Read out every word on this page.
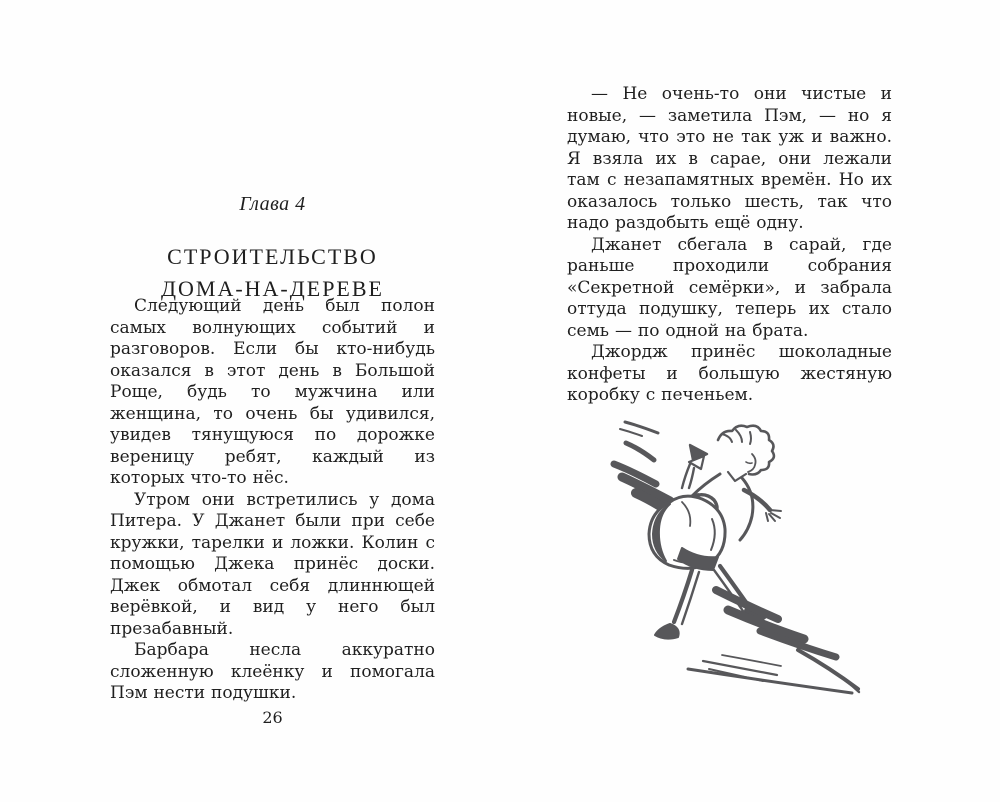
Глава 4
СТРОИТЕЛЬСТВО
ДОМА-НА-ДЕРЕВЕ

Следующий день был полон самых волнующих событий и разговоров. Если бы кто-нибудь оказался в этот день в Большой Роще, будь то мужчина или женщина, то очень бы удивился, увидев тянущуюся по дорожке вереницу ребят, каждый из которых что-то нёс.

Утром они встретились у дома Питера. У Джанет были при себе кружки, тарелки и ложки. Колин с помощью Джека принёс доски. Джек обмотал себя длиннющей верёвкой, и вид у него был презабавный.

Барбара несла аккуратно сложенную клеёнку и помогала Пэм нести подушки.

26

— Не очень-то они чистые и новые, — заметила Пэм, — но я думаю, что это не так уж и важно. Я взяла их в сарае, они лежали там с незапамятных времён. Но их оказалось только шесть, так что надо раздобыть ещё одну.

Джанет сбегала в сарай, где раньше проходили собрания «Секретной семёрки», и забрала оттуда подушку, теперь их стало семь — по одной на брата.

Джордж принёс шоколадные конфеты и большую жестяную коробку с печеньем.
